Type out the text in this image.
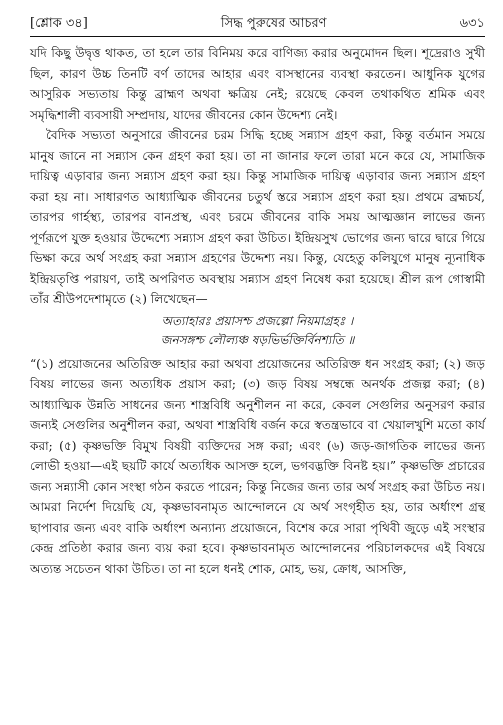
[শ্লোক ৩৪]	সিদ্ধ পুরুষের আচরণ	৬৩১

যদি কিছু উদ্বৃত্ত থাকত, তা হলে তার বিনিময় করে বাণিজ্য করার অনুমোদন ছিল। শূদ্রেরাও সুখী ছিল, কারণ উচ্চ তিনটি বর্ণ তাদের আহার এবং বাসস্থানের ব্যবস্থা করতেন। আধুনিক যুগের আসুরিক সভ্যতায় কিন্তু ব্রাহ্মণ অথবা ক্ষত্রিয় নেই; রয়েছে কেবল তথাকথিত শ্রমিক এবং সমৃদ্ধিশালী ব্যবসায়ী সম্প্রদায়, যাদের জীবনের কোন উদ্দেশ্য নেই।

বৈদিক সভ্যতা অনুসারে জীবনের চরম সিদ্ধি হচ্ছে সন্ন্যাস গ্রহণ করা, কিন্তু বর্তমান সময়ে মানুষ জানে না সন্ন্যাস কেন গ্রহণ করা হয়। তা না জানার ফলে তারা মনে করে যে, সামাজিক দায়িত্ব এড়াবার জন্য সন্ন্যাস গ্রহণ করা হয়। কিন্তু সামাজিক দায়িত্ব এড়াবার জন্য সন্ন্যাস গ্রহণ করা হয় না। সাধারণত আধ্যাত্মিক জীবনের চতুর্থ স্তরে সন্ন্যাস গ্রহণ করা হয়। প্রথমে ব্রহ্মচর্য, তারপর গার্হস্থ্য, তারপর বানপ্রস্থ, এবং চরমে জীবনের বাকি সময় আত্মজ্ঞান লাভের জন্য পূর্ণরূপে যুক্ত হওয়ার উদ্দেশ্যে সন্ন্যাস গ্রহণ করা উচিত। ইন্দ্রিয়সুখ ভোগের জন্য দ্বারে দ্বারে গিয়ে ভিক্ষা করে অর্থ সংগ্রহ করা সন্ন্যাস গ্রহণের উদ্দেশ্য নয়। কিন্তু, যেহেতু কলিযুগে মানুষ ন্যূনাধিক ইন্দ্রিয়তৃপ্তি পরায়ণ, তাই অপরিণত অবস্থায় সন্ন্যাস গ্রহণ নিষেধ করা হয়েছে। শ্রীল রূপ গোস্বামী তাঁর শ্রীউপদেশামৃতে (২) লিখেছেন—

অত্যাহারঃ প্রয়াসশ্চ প্রজল্পো নিয়মাগ্রহঃ ।
জনসঙ্গশ্চ লৌল্যঞ্চ ষড়ভির্ভক্তির্বিনশ্যতি ॥

“(১) প্রয়োজনের অতিরিক্ত আহার করা অথবা প্রয়োজনের অতিরিক্ত ধন সংগ্রহ করা; (২) জড় বিষয় লাভের জন্য অত্যধিক প্রয়াস করা; (৩) জড় বিষয় সম্বন্ধে অনর্থক প্রজল্প করা; (৪) আধ্যাত্মিক উন্নতি সাধনের জন্য শাস্ত্রবিধি অনুশীলন না করে, কেবল সেগুলির অনুসরণ করার জন্যই সেগুলির অনুশীলন করা, অথবা শাস্ত্রবিধি বর্জন করে স্বতন্ত্রভাবে বা খেয়ালখুশি মতো কার্য করা; (৫) কৃষ্ণভক্তি বিমুখ বিষয়ী ব্যক্তিদের সঙ্গ করা; এবং (৬) জড়-জাগতিক লাভের জন্য লোভী হওয়া—এই ছয়টি কার্যে অত্যধিক আসক্ত হলে, ভগবদ্ভক্তি বিনষ্ট হয়।” কৃষ্ণভক্তি প্রচারের জন্য সন্ন্যাসী কোন সংস্থা গঠন করতে পারেন; কিন্তু নিজের জন্য তার অর্থ সংগ্রহ করা উচিত নয়। আমরা নির্দেশ দিয়েছি যে, কৃষ্ণভাবনামৃত আন্দোলনে যে অর্থ সংগৃহীত হয়, তার অর্ধাংশ গ্রন্থ ছাপাবার জন্য এবং বাকি অর্ধাংশ অন্যান্য প্রয়োজনে, বিশেষ করে সারা পৃথিবী জুড়ে এই সংস্থার কেন্দ্র প্রতিষ্ঠা করার জন্য ব্যয় করা হবে। কৃষ্ণভাবনামৃত আন্দোলনের পরিচালকদের এই বিষয়ে অত্যন্ত সচেতন থাকা উচিত। তা না হলে ধনই শোক, মোহ, ভয়, ক্রোধ, আসক্তি,
